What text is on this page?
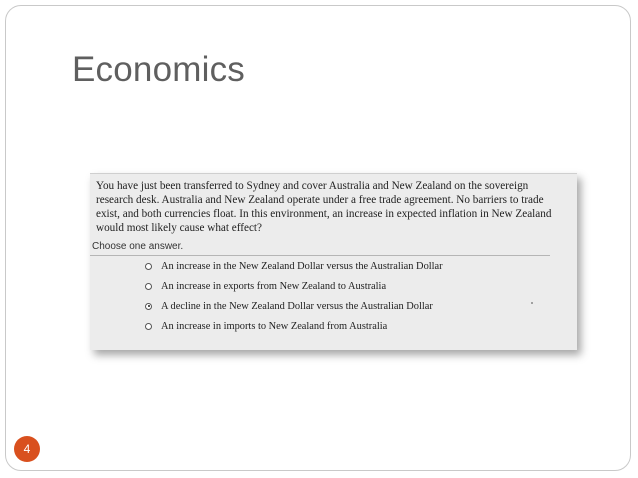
Economics
You have just been transferred to Sydney and cover Australia and New Zealand on the sovereign research desk. Australia and New Zealand operate under a free trade agreement. No barriers to trade exist, and both currencies float. In this environment, an increase in expected inflation in New Zealand would most likely cause what effect?
Choose one answer.
An increase in the New Zealand Dollar versus the Australian Dollar
An increase in exports from New Zealand to Australia
A decline in the New Zealand Dollar versus the Australian Dollar
An increase in imports to New Zealand from Australia
4
